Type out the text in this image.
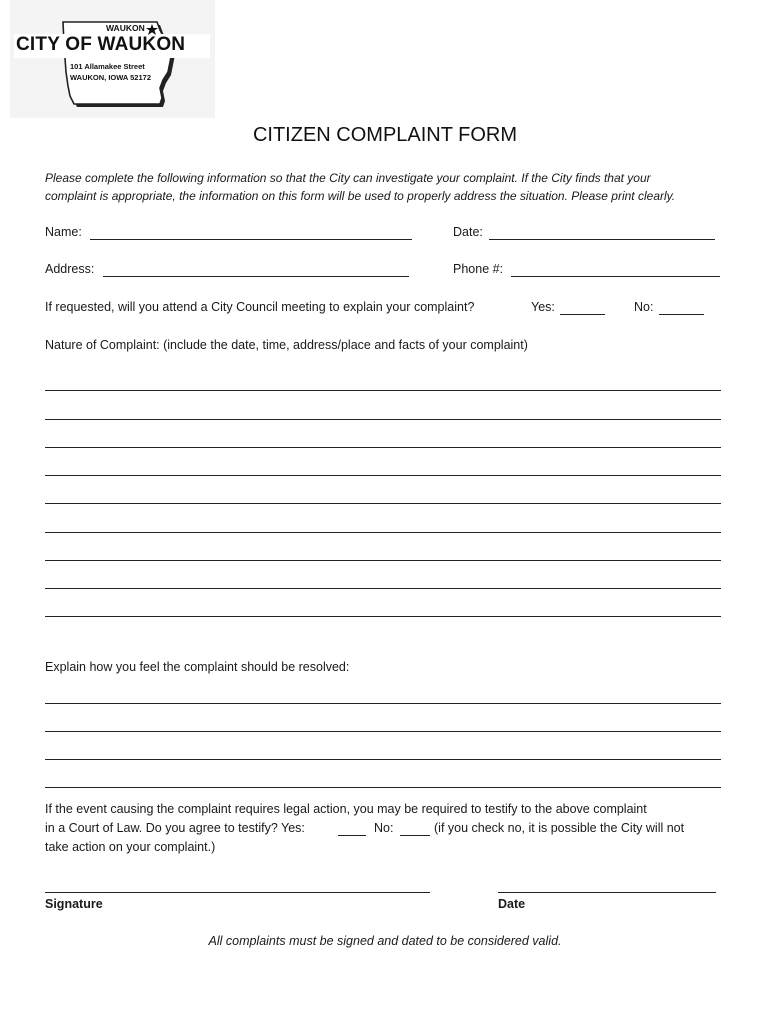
WAUKON
CITY OF WAUKON
101 Allamakee Street
WAUKON, IOWA 52172
CITIZEN COMPLAINT FORM
Please complete the following information so that the City can investigate your complaint. If the City finds that your
complaint is appropriate, the information on this form will be used to properly address the situation. Please print clearly.
Name:	Date:
Address:	Phone #:
If requested, will you attend a City Council meeting to explain your complaint?	Yes:	No:
Nature of Complaint: (include the date, time, address/place and facts of your complaint)
Explain how you feel the complaint should be resolved:
If the event causing the complaint requires legal action, you may be required to testify to the above complaint
in a Court of Law. Do you agree to testify? Yes:	No:	(if you check no, it is possible the City will not
take action on your complaint.)
Signature	Date
All complaints must be signed and dated to be considered valid.
